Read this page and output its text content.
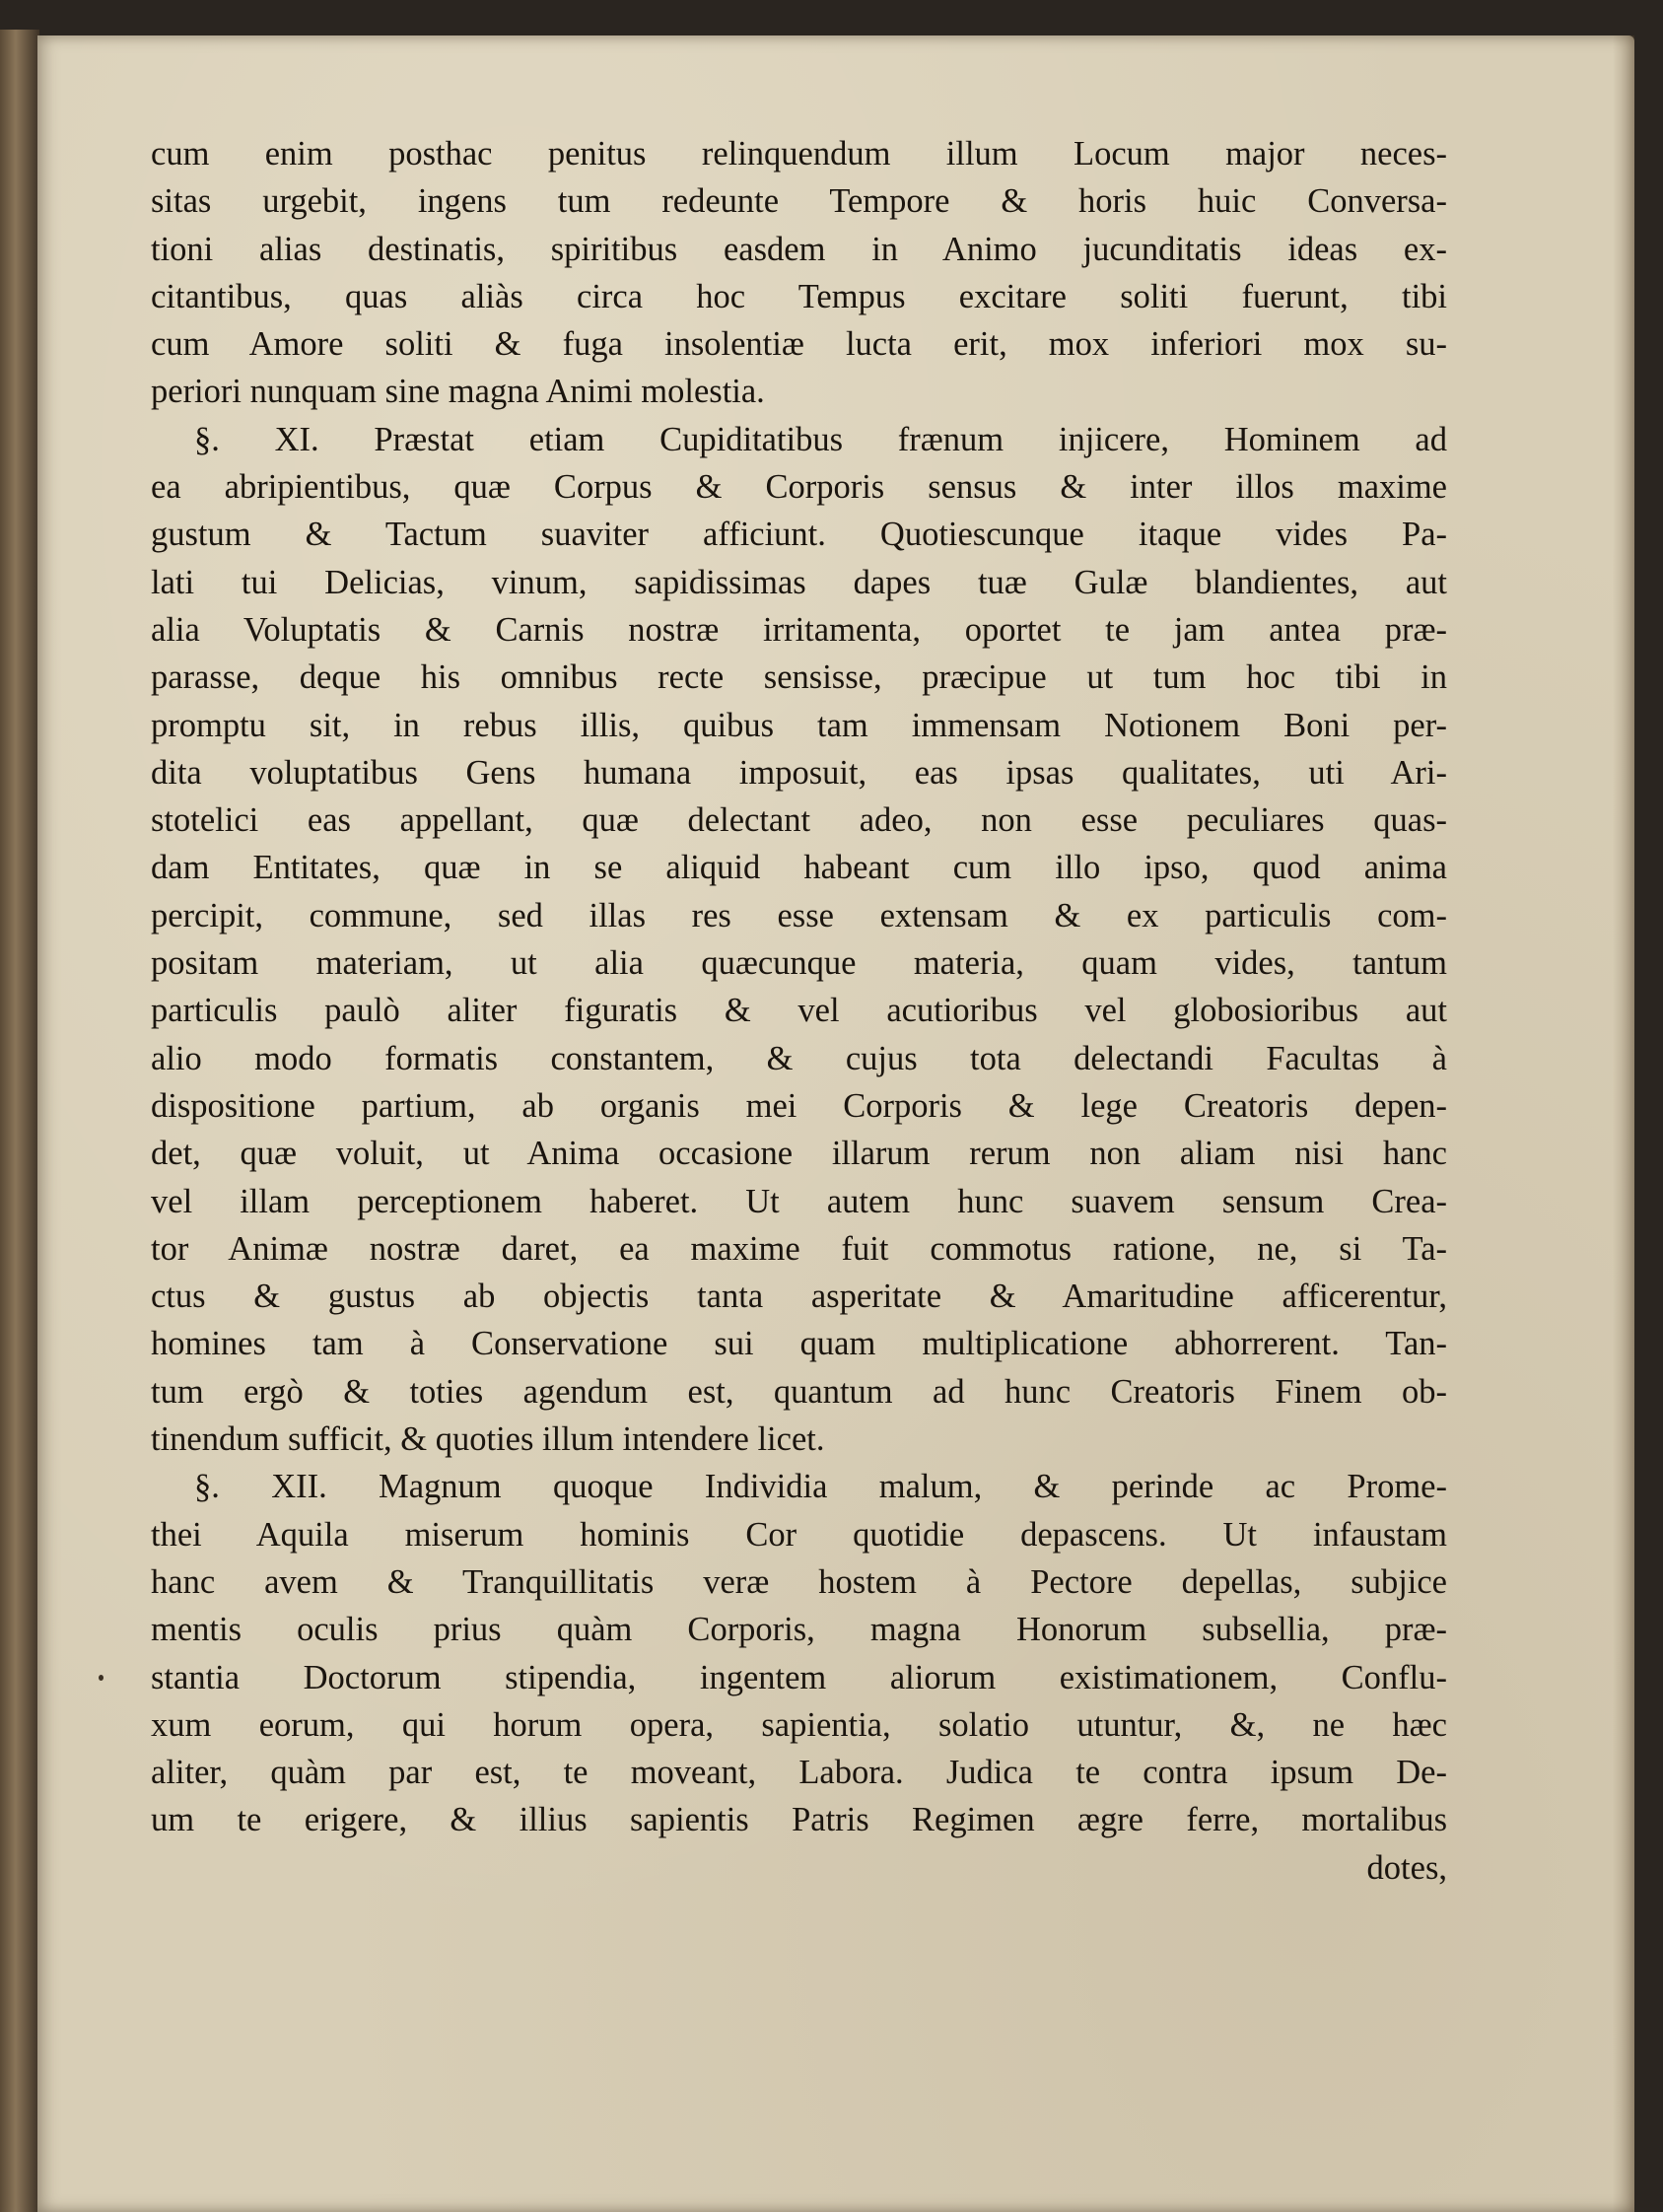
cum enim posthac penitus relinquendum illum Locum major neces-
sitas urgebit, ingens tum redeunte Tempore & horis huic Conversa-
tioni alias destinatis, spiritibus easdem in Animo jucunditatis ideas ex-
citantibus, quas aliàs circa hoc Tempus excitare soliti fuerunt, tibi
cum Amore soliti & fuga insolentiæ lucta erit, mox inferiori mox su-
periori nunquam sine magna Animi molestia.
§. XI. Præstat etiam Cupiditatibus frænum injicere, Hominem ad
ea abripientibus, quæ Corpus & Corporis sensus & inter illos maxime
gustum & Tactum suaviter afficiunt. Quotiescunque itaque vides Pa-
lati tui Delicias, vinum, sapidissimas dapes tuæ Gulæ blandientes, aut
alia Voluptatis & Carnis nostræ irritamenta, oportet te jam antea præ-
parasse, deque his omnibus recte sensisse, præcipue ut tum hoc tibi in
promptu sit, in rebus illis, quibus tam immensam Notionem Boni per-
dita voluptatibus Gens humana imposuit, eas ipsas qualitates, uti Ari-
stotelici eas appellant, quæ delectant adeo, non esse peculiares quas-
dam Entitates, quæ in se aliquid habeant cum illo ipso, quod anima
percipit, commune, sed illas res esse extensam & ex particulis com-
positam materiam, ut alia quæcunque materia, quam vides, tantum
particulis paulò aliter figuratis & vel acutioribus vel globosioribus aut
alio modo formatis constantem, & cujus tota delectandi Facultas à
dispositione partium, ab organis mei Corporis & lege Creatoris depen-
det, quæ voluit, ut Anima occasione illarum rerum non aliam nisi hanc
vel illam perceptionem haberet. Ut autem hunc suavem sensum Crea-
tor Animæ nostræ daret, ea maxime fuit commotus ratione, ne, si Ta-
ctus & gustus ab objectis tanta asperitate & Amaritudine afficerentur,
homines tam à Conservatione sui quam multiplicatione abhorrerent. Tan-
tum ergò & toties agendum est, quantum ad hunc Creatoris Finem ob-
tinendum sufficit, & quoties illum intendere licet.
§. XII. Magnum quoque Individia malum, & perinde ac Prome-
thei Aquila miserum hominis Cor quotidie depascens. Ut infaustam
hanc avem & Tranquillitatis veræ hostem à Pectore depellas, subjice
mentis oculis prius quàm Corporis, magna Honorum subsellia, præ-
stantia Doctorum stipendia, ingentem aliorum existimationem, Conflu-
xum eorum, qui horum opera, sapientia, solatio utuntur, &, ne hæc
aliter, quàm par est, te moveant, Labora. Judica te contra ipsum De-
um te erigere, & illius sapientis Patris Regimen ægre ferre, mortalibus
dotes,
